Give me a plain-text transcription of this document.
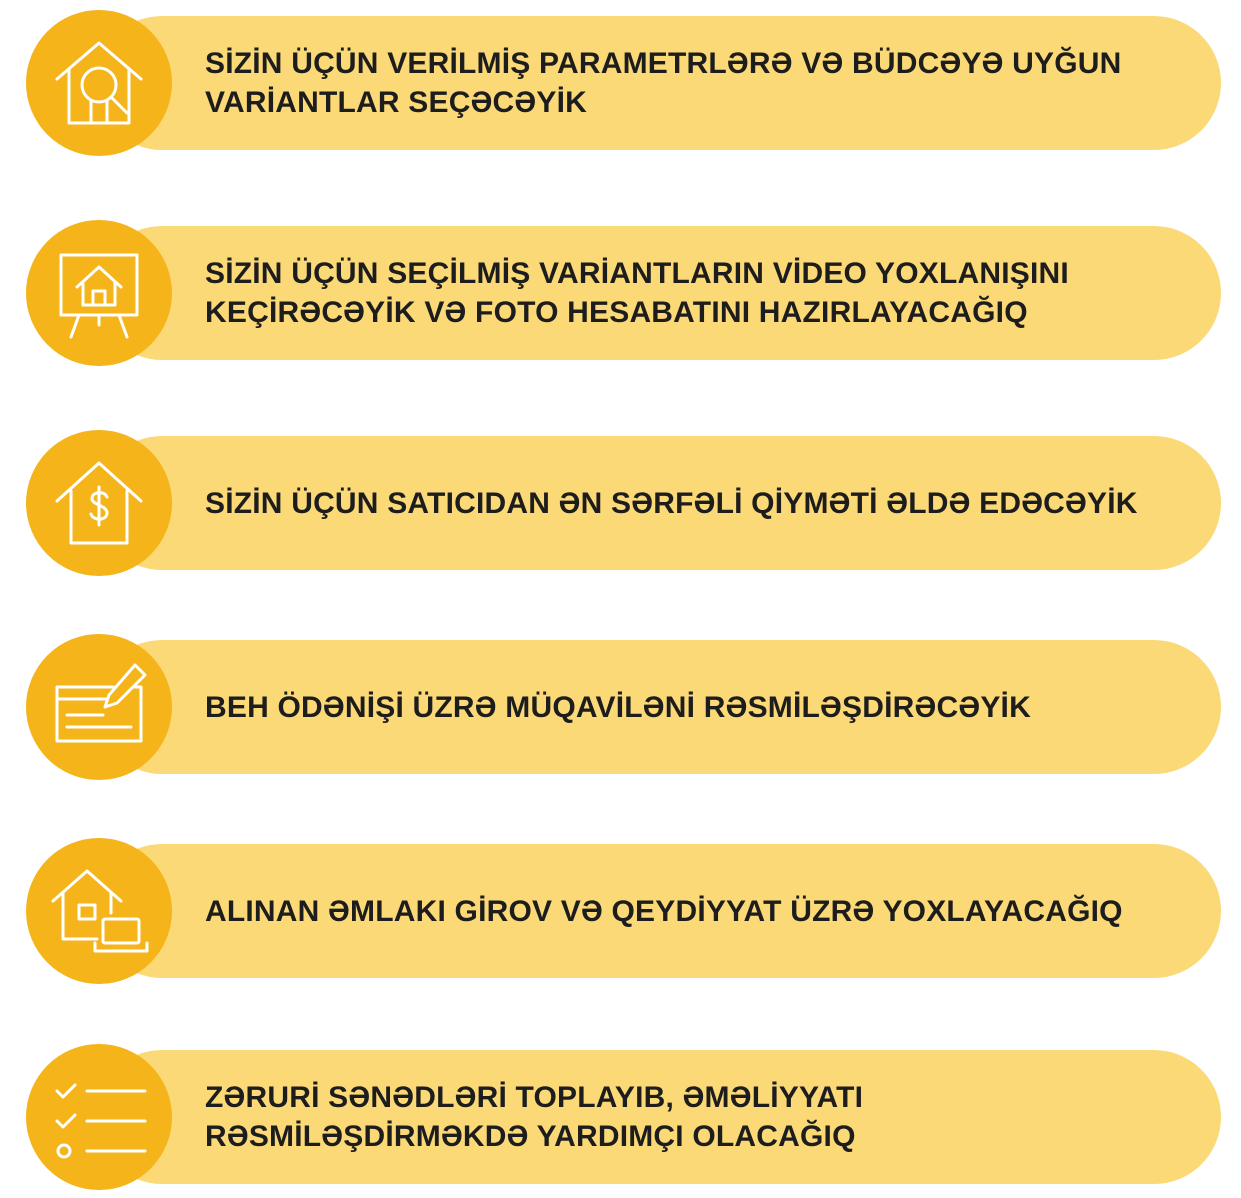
SİZİN ÜÇÜN VERİLMİŞ PARAMETRLƏRƏ VƏ BÜDCƏYƏ UYĞUN VARİANTLAR SEÇƏCƏYİK
SİZİN ÜÇÜN SEÇİLMİŞ VARİANTLARIN VİDEO YOXLANIŞINI KEÇİRƏCƏYİK VƏ FOTO HESABATINI HAZIRLAYACAĞIQ
SİZİN ÜÇÜN SATICIDAN ƏN SƏRFƏLİ QİYMƏTİ ƏLDƏ EDƏCƏYİK
BEH ÖDƏNİŞİ ÜZRƏ MÜQAVİLƏNİ RƏSMİLƏŞDİRƏCƏYİK
ALINAN ƏMLAKI GİROV VƏ QEYDİYYAT ÜZRƏ YOXLAYACAĞIQ
ZƏRURİ SƏNƏDLƏRİ TOPLAYIB, ƏMƏLİYYATI RƏSMİLƏŞDİRMƏKDƏ YARDIMÇI OLACAĞIQ
